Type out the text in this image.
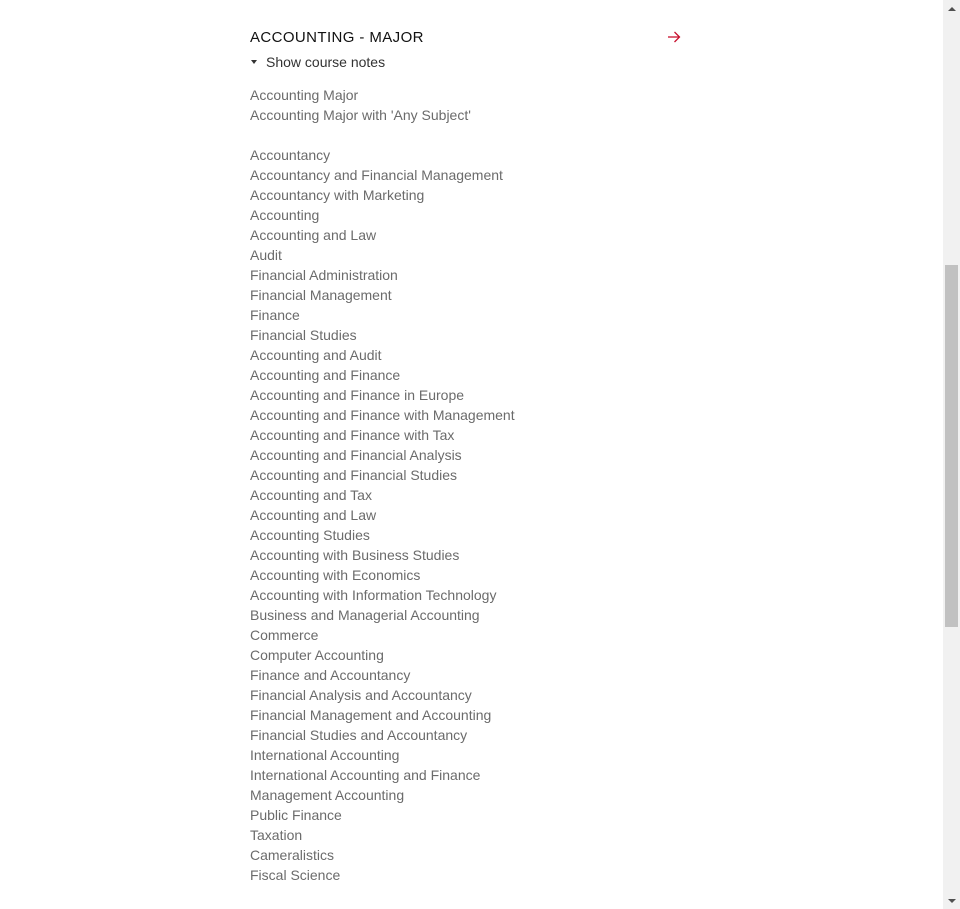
ACCOUNTING - MAJOR
Show course notes
Accounting Major
Accounting Major with 'Any Subject'
Accountancy
Accountancy and Financial Management
Accountancy with Marketing
Accounting
Accounting and Law
Audit
Financial Administration
Financial Management
Finance
Financial Studies
Accounting and Audit
Accounting and Finance
Accounting and Finance in Europe
Accounting and Finance with Management
Accounting and Finance with Tax
Accounting and Financial Analysis
Accounting and Financial Studies
Accounting and Tax
Accounting and Law
Accounting Studies
Accounting with Business Studies
Accounting with Economics
Accounting with Information Technology
Business and Managerial Accounting
Commerce
Computer Accounting
Finance and Accountancy
Financial Analysis and Accountancy
Financial Management and Accounting
Financial Studies and Accountancy
International Accounting
International Accounting and Finance
Management Accounting
Public Finance
Taxation
Cameralistics
Fiscal Science
